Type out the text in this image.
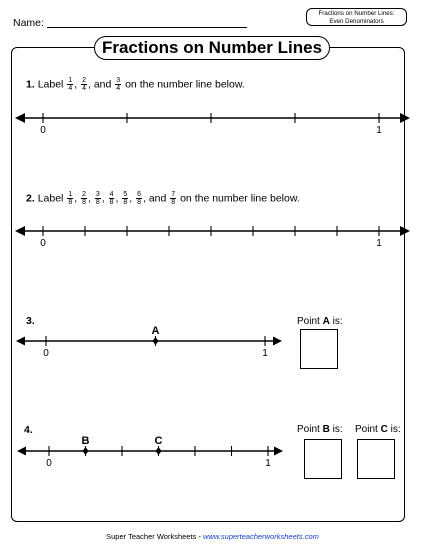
Name:
Fractions on Number Lines:
Even Denominators
Fractions on Number Lines
1. Label $\frac{1}{4}$ , $\frac{2}{4}$ , and $\frac{3}{4}$ on the number line below.
0	1
2. Label $\frac{1}{8}$ , $\frac{2}{8}$ , $\frac{3}{8}$ , $\frac{4}{8}$ , $\frac{5}{8}$ , $\frac{6}{8}$ , and $\frac{7}{8}$ on the number line below.
0	1
3.
A
0	1
Point A is:
4.
B	C
0	1
Point B is: Point C is:
Super Teacher Worksheets - www.superteacherworksheets.com
